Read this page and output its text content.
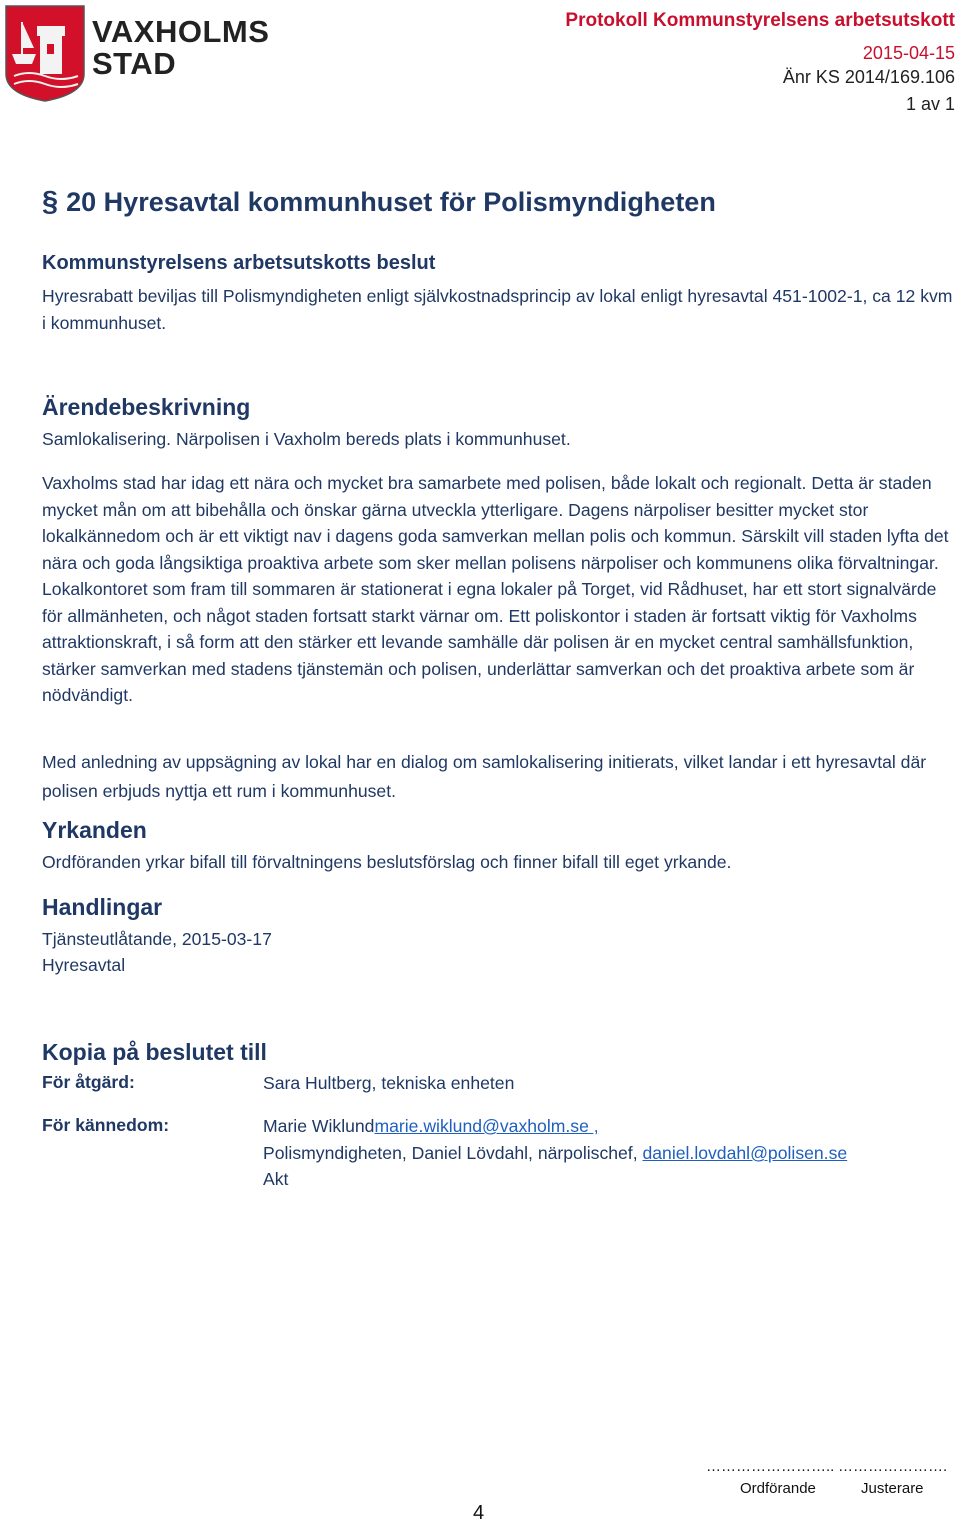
VAXHOLMS
STAD
Protokoll Kommunstyrelsens arbetsutskott
2015-04-15
Änr KS 2014/169.106
1 av 1
§ 20 Hyresavtal kommunhuset för Polismyndigheten
Kommunstyrelsens arbetsutskotts beslut
Hyresrabatt beviljas till Polismyndigheten enligt självkostnadsprincip av lokal enligt hyresavtal 451-1002-1, ca 12 kvm i kommunhuset.
Ärendebeskrivning
Samlokalisering. Närpolisen i Vaxholm bereds plats i kommunhuset.
Vaxholms stad har idag ett nära och mycket bra samarbete med polisen, både lokalt och regionalt. Detta är staden mycket mån om att bibehålla och önskar gärna utveckla ytterligare. Dagens närpoliser besitter mycket stor lokalkännedom och är ett viktigt nav i dagens goda samverkan mellan polis och kommun. Särskilt vill staden lyfta det nära och goda långsiktiga proaktiva arbete som sker mellan polisens närpoliser och kommunens olika förvaltningar. Lokalkontoret som fram till sommaren är stationerat i egna lokaler på Torget, vid Rådhuset, har ett stort signalvärde för allmänheten, och något staden fortsatt starkt värnar om. Ett poliskontor i staden är fortsatt viktig för Vaxholms attraktionskraft, i så form att den stärker ett levande samhälle där polisen är en mycket central samhällsfunktion, stärker samverkan med stadens tjänstemän och polisen, underlättar samverkan och det proaktiva arbete som är nödvändigt.
Med anledning av uppsägning av lokal har en dialog om samlokalisering initierats, vilket landar i ett hyresavtal där polisen erbjuds nyttja ett rum i kommunhuset.
Yrkanden
Ordföranden yrkar bifall till förvaltningens beslutsförslag och finner bifall till eget yrkande.
Handlingar
Tjänsteutlåtande, 2015-03-17
Hyresavtal
Kopia på beslutet till
För åtgärd:	Sara Hultberg, tekniska enheten
För kännedom:	Marie Wiklundmarie.wiklund@vaxholm.se ,
Polismyndigheten, Daniel Lövdahl, närpolischef, daniel.lovdahl@polisen.se
Akt
…………………….. ………………….
Ordförande	Justerare
4
